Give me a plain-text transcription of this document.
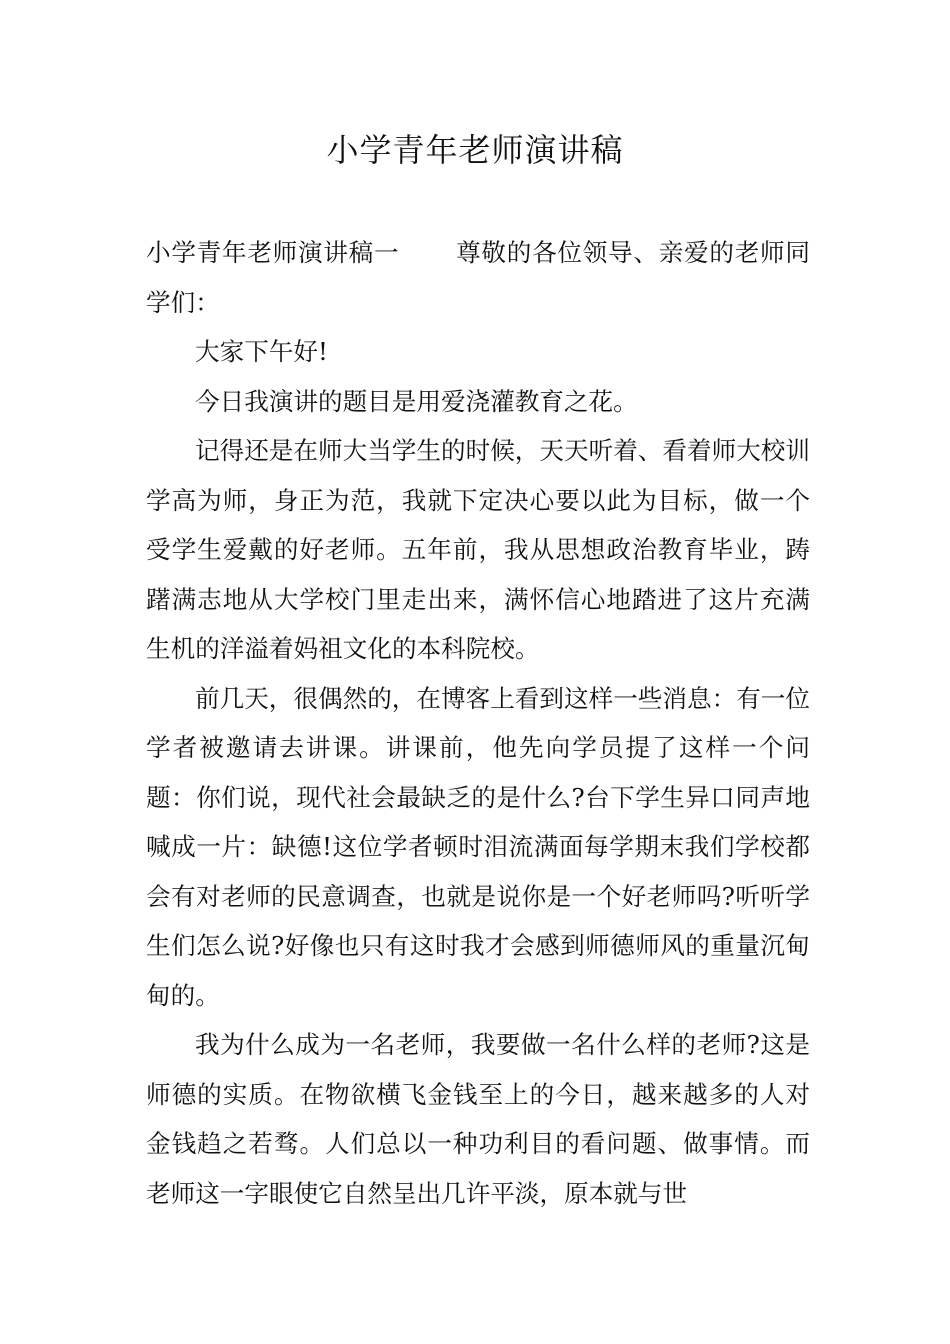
小学青年老师演讲稿

小学青年老师演讲稿一 尊敬的各位领导、亲爱的老师同学们：

大家下午好!

今日我演讲的题目是用爱浇灌教育之花。

记得还是在师大当学生的时候，天天听着、看着师大校训学高为师，身正为范，我就下定决心要以此为目标，做一个受学生爱戴的好老师。五年前，我从思想政治教育毕业，踌躇满志地从大学校门里走出来，满怀信心地踏进了这片充满生机的洋溢着妈祖文化的本科院校。

前几天，很偶然的，在博客上看到这样一些消息：有一位学者被邀请去讲课。讲课前，他先向学员提了这样一个问题：你们说，现代社会最缺乏的是什么?台下学生异口同声地喊成一片：缺德!这位学者顿时泪流满面每学期末我们学校都会有对老师的民意调查，也就是说你是一个好老师吗?听听学生们怎么说?好像也只有这时我才会感到师德师风的重量沉甸甸的。

我为什么成为一名老师，我要做一名什么样的老师?这是师德的实质。在物欲横飞金钱至上的今日，越来越多的人对金钱趋之若骛。人们总以一种功利目的看问题、做事情。而老师这一字眼使它自然呈出几许平淡，原本就与世
